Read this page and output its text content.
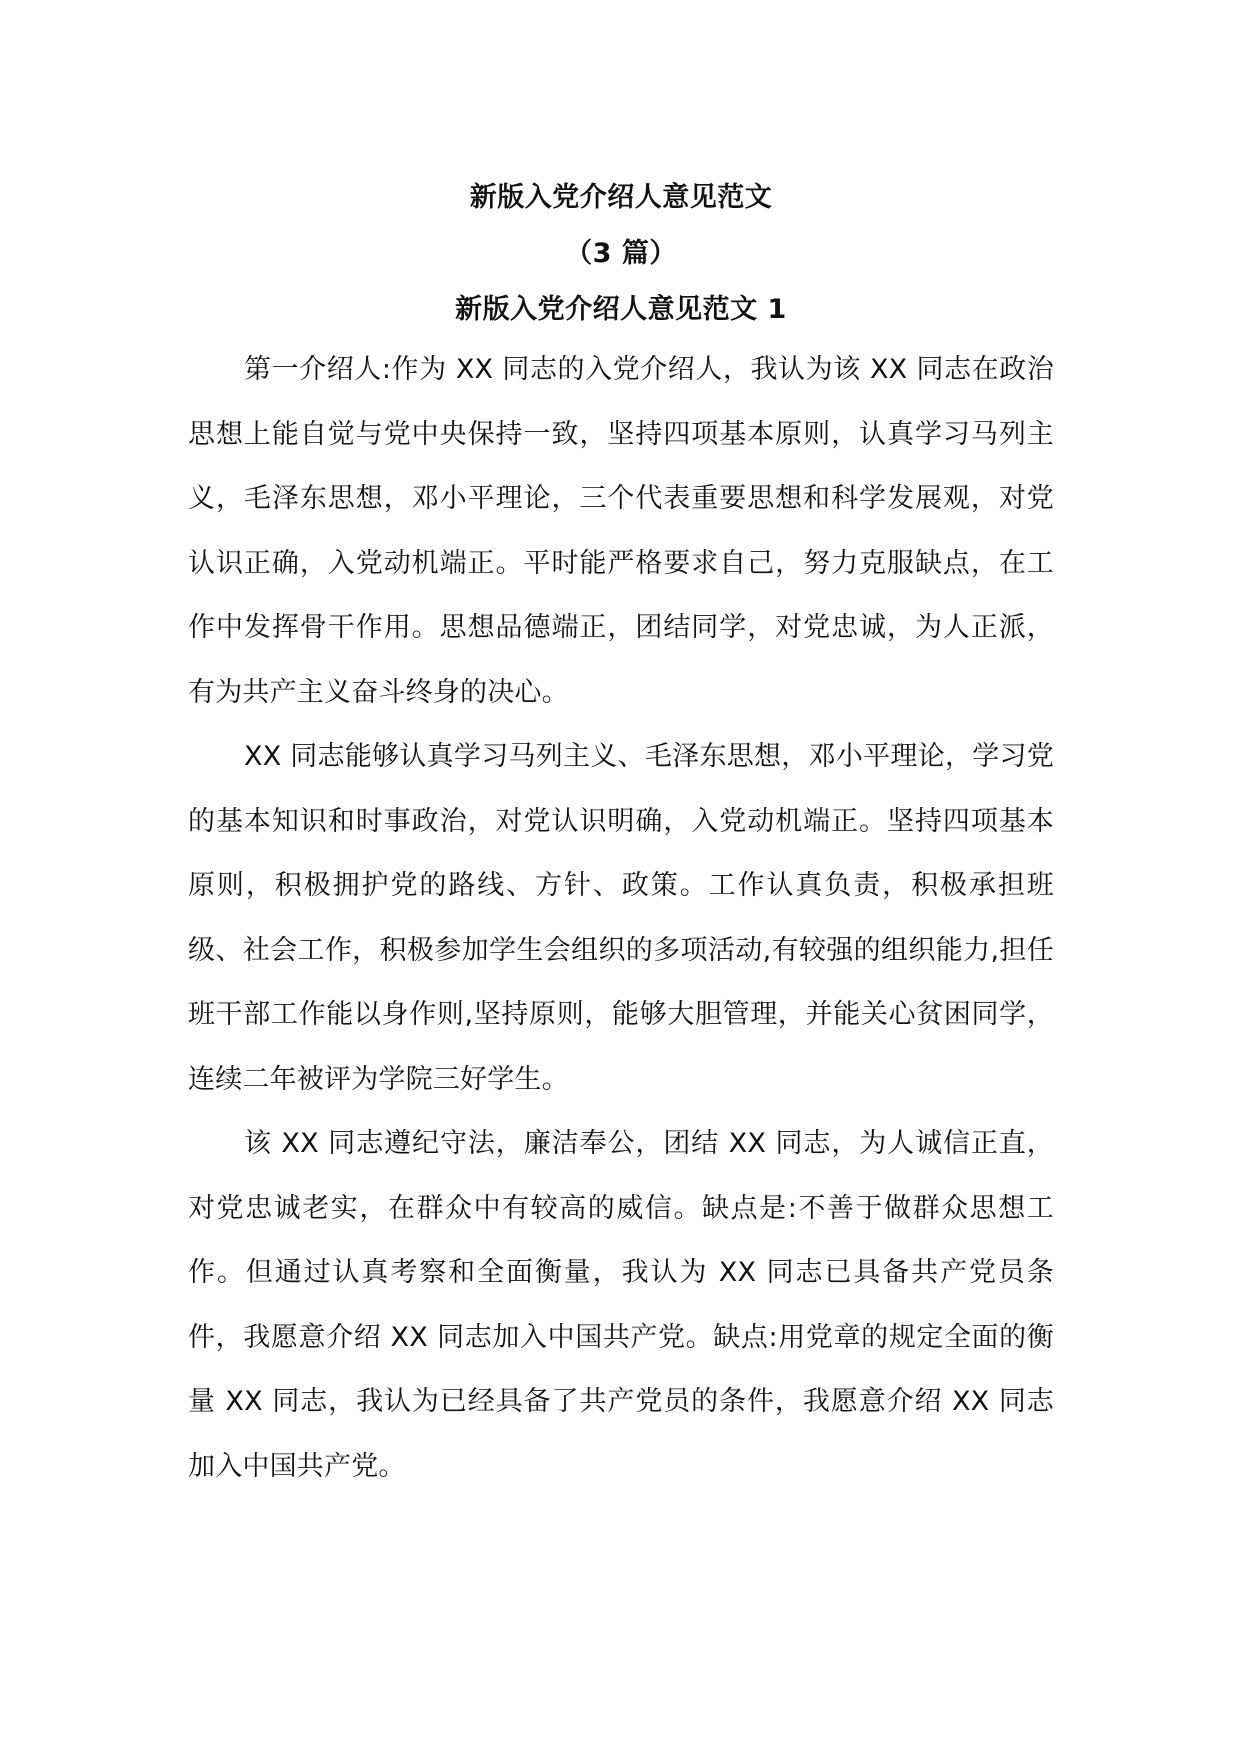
新版入党介绍人意见范文
（3 篇）
新版入党介绍人意见范文 1

第一介绍人:作为 XX 同志的入党介绍人，我认为该 XX 同志在政治思想上能自觉与党中央保持一致，坚持四项基本原则，认真学习马列主义，毛泽东思想，邓小平理论，三个代表重要思想和科学发展观，对党认识正确，入党动机端正。平时能严格要求自己，努力克服缺点，在工作中发挥骨干作用。思想品德端正，团结同学，对党忠诚，为人正派，有为共产主义奋斗终身的决心。

XX 同志能够认真学习马列主义、毛泽东思想，邓小平理论，学习党的基本知识和时事政治，对党认识明确，入党动机端正。坚持四项基本原则，积极拥护党的路线、方针、政策。工作认真负责，积极承担班级、社会工作，积极参加学生会组织的多项活动,有较强的组织能力,担任班干部工作能以身作则,坚持原则，能够大胆管理，并能关心贫困同学，连续二年被评为学院三好学生。

该 XX 同志遵纪守法，廉洁奉公，团结 XX 同志，为人诚信正直，对党忠诚老实，在群众中有较高的威信。缺点是:不善于做群众思想工作。但通过认真考察和全面衡量，我认为 XX 同志已具备共产党员条件，我愿意介绍 XX 同志加入中国共产党。缺点:用党章的规定全面的衡量 XX 同志，我认为已经具备了共产党员的条件，我愿意介绍 XX 同志加入中国共产党。
